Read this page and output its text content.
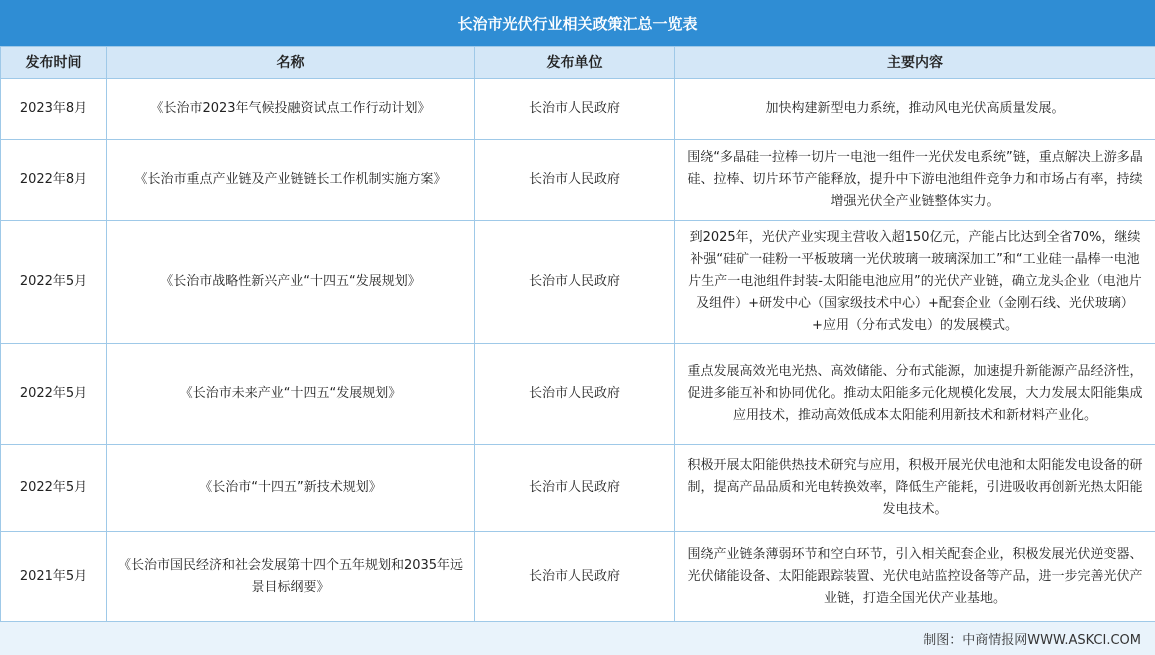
长治市光伏行业相关政策汇总一览表
发布时间	名称	发布单位	主要内容
2023年8月	《长治市2023年气候投融资试点工作行动计划》	长治市人民政府	加快构建新型电力系统，推动风电光伏高质量发展。
2022年8月	《长治市重点产业链及产业链链长工作机制实施方案》	长治市人民政府	围绕“多晶硅一拉棒一切片一电池一组件一光伏发电系统”链，重点解决上游多晶硅、拉棒、切片环节产能释放，提升中下游电池组件竞争力和市场占有率，持续增强光伏全产业链整体实力。
2022年5月	《长治市战略性新兴产业“十四五“发展规划》	长治市人民政府	到2025年，光伏产业实现主营收入超150亿元，产能占比达到全省70%，继续补强“硅矿一硅粉一平板玻璃一光伏玻璃一玻璃深加工”和“工业硅一晶棒一电池片生产一电池组件封装-太阳能电池应用”的光伏产业链，确立龙头企业（电池片及组件）+研发中心（国家级技术中心）+配套企业（金刚石线、光伏玻璃）+应用（分布式发电）的发展模式。
2022年5月	《长治市未来产业“十四五“发展规划》	长治市人民政府	重点发展高效光电光热、高效储能、分布式能源，加速提升新能源产品经济性，促进多能互补和协同优化。推动太阳能多元化规模化发展，大力发展太阳能集成应用技术，推动高效低成本太阳能利用新技术和新材料产业化。
2022年5月	《长治市“十四五”新技术规划》	长治市人民政府	积极开展太阳能供热技术研究与应用，积极开展光伏电池和太阳能发电设备的研制，提高产品品质和光电转换效率，降低生产能耗，引进吸收再创新光热太阳能发电技术。
2021年5月	《长治市国民经济和社会发展第十四个五年规划和2035年远景目标纲要》	长治市人民政府	围绕产业链条薄弱环节和空白环节，引入相关配套企业，积极发展光伏逆变器、光伏储能设备、太阳能跟踪装置、光伏电站监控设备等产品，进一步完善光伏产业链，打造全国光伏产业基地。
制图：中商情报网WWW.ASKCI.COM
